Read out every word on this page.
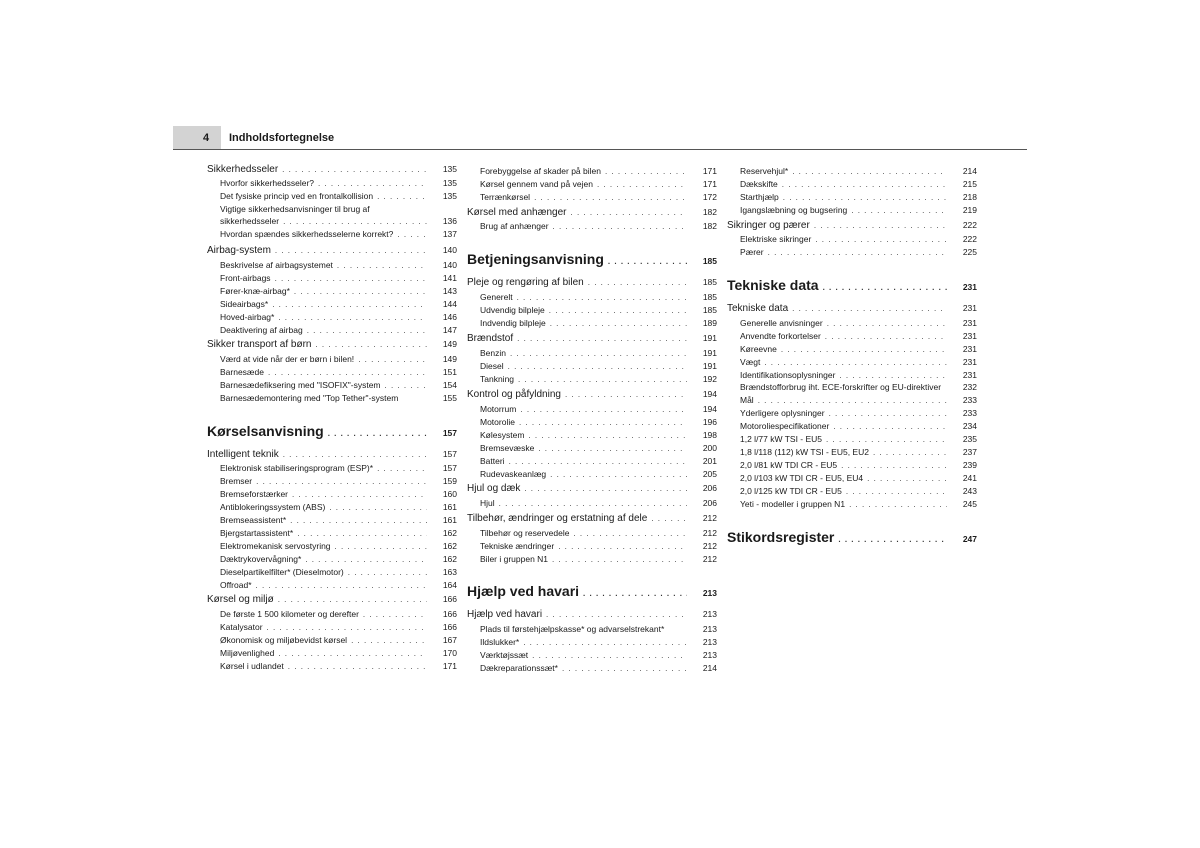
4 Indholdsfortegnelse
Sikkerhedsseler . . .	135
Hvorfor sikkerhedsseler? . . .	135
Det fysiske princip ved en frontalkollision . . .	135
Vigtige sikkerhedsanvisninger til brug af
sikkerhedsseler . . .	136
Hvordan spændes sikkerhedsselerne korrekt? . . .	137
Airbag-system . . .	140
Beskrivelse af airbagsystemet . . .	140
Front-airbags . . .	141
Fører-knæ-airbag* . . .	143
Sideairbags* . . .	144
Hoved-airbag* . . .	146
Deaktivering af airbag . . .	147
Sikker transport af børn . . .	149
Værd at vide når der er børn i bilen! . . .	149
Barnesæde . . .	151
Barnesædefiksering med "ISOFIX"-system . . .	154
Barnesædemontering med "Top Tether"-system	155
Kørselsanvisning . . .	157
Intelligent teknik . . .	157
Elektronisk stabiliseringsprogram (ESP)* . . .	157
Bremser . . .	159
Bremseforstærker . . .	160
Antiblokeringssystem (ABS) . . .	161
Bremseassistent* . . .	161
Bjergstartassistent* . . .	162
Elektromekanisk servostyring . . .	162
Dæktrykovervågning* . . .	162
Dieselpartikelfilter* (Dieselmotor) . . .	163
Offroad* . . .	164
Kørsel og miljø . . .	166
De første 1 500 kilometer og derefter . . .	166
Katalysator . . .	166
Økonomisk og miljøbevidst kørsel . . .	167
Miljøvenlighed . . .	170
Kørsel i udlandet . . .	171
Forebyggelse af skader på bilen . . .	171
Kørsel gennem vand på vejen . . .	171
Terrænkørsel . . .	172
Kørsel med anhænger . . .	182
Brug af anhænger . . .	182
Betjeningsanvisning . . .	185
Pleje og rengøring af bilen . . .	185
Generelt . . .	185
Udvendig bilpleje . . .	185
Indvendig bilpleje . . .	189
Brændstof . . .	191
Benzin . . .	191
Diesel . . .	191
Tankning . . .	192
Kontrol og påfyldning . . .	194
Motorrum . . .	194
Motorolie . . .	196
Kølesystem . . .	198
Bremsevæske . . .	200
Batteri . . .	201
Rudevaskeanlæg . . .	205
Hjul og dæk . . .	206
Hjul . . .	206
Tilbehør, ændringer og erstatning af dele . . .	212
Tilbehør og reservedele . . .	212
Tekniske ændringer . . .	212
Biler i gruppen N1 . . .	212
Hjælp ved havari . . .	213
Hjælp ved havari . . .	213
Plads til førstehjælpskasse* og advarselstrekant*	213
Ildslukker* . . .	213
Værktøjssæt . . .	213
Dækreparationssæt* . . .	214
Reservehjul* . . .	214
Dækskifte . . .	215
Starthjælp . . .	218
Igangslæbning og bugsering . . .	219
Sikringer og pærer . . .	222
Elektriske sikringer . . .	222
Pærer . . .	225
Tekniske data . . .	231
Tekniske data . . .	231
Generelle anvisninger . . .	231
Anvendte forkortelser . . .	231
Køreevne . . .	231
Vægt . . .	231
Identifikationsoplysninger . . .	231
Brændstofforbrug iht. ECE-forskrifter og EU-direktiver	232
Mål . . .	233
Yderligere oplysninger . . .	233
Motoroliespecifikationer . . .	234
1,2 l/77 kW TSI - EU5 . . .	235
1,8 l/118 (112) kW TSI - EU5, EU2 . . .	237
2,0 l/81 kW TDI CR - EU5 . . .	239
2,0 l/103 kW TDI CR - EU5, EU4 . . .	241
2,0 l/125 kW TDI CR - EU5 . . .	243
Yeti - modeller i gruppen N1 . . .	245
Stikordsregister . . .	247
